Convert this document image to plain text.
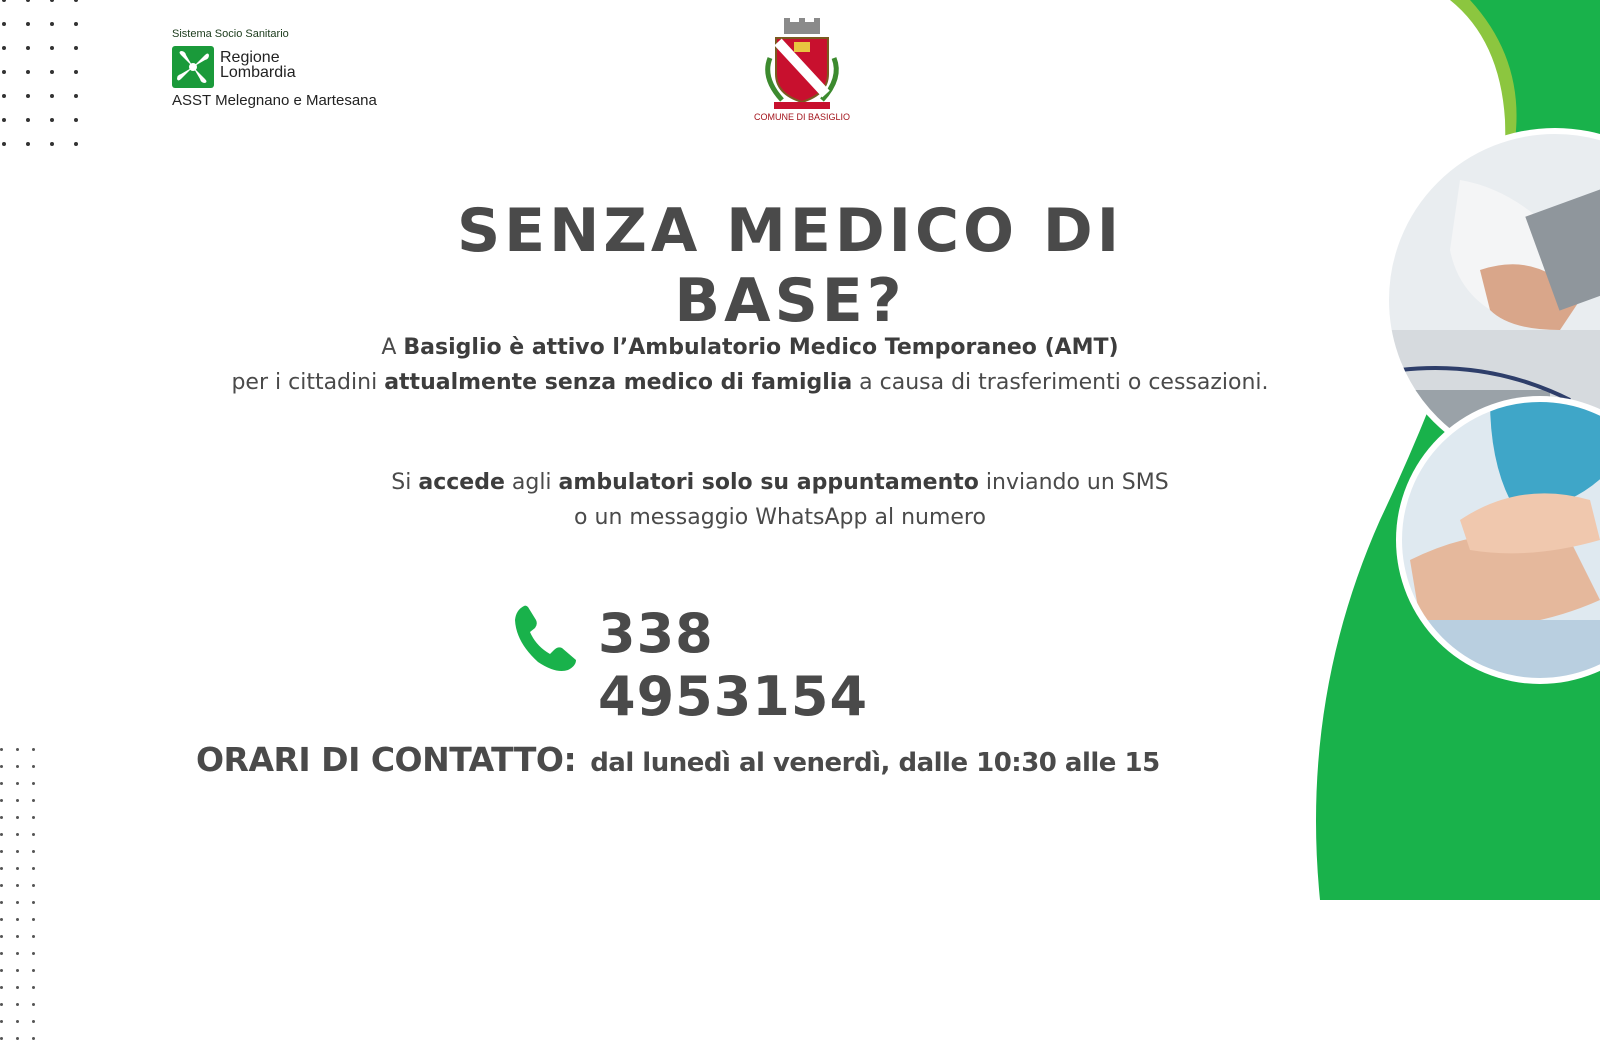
Sistema Socio Sanitario
Regione
Lombardia
ASST Melegnano e Martesana
COMUNE DI BASIGLIO
SENZA MEDICO DI BASE?
A Basiglio è attivo l’Ambulatorio Medico Temporaneo (AMT)
per i cittadini attualmente senza medico di famiglia a causa di trasferimenti o cessazioni.
Si accede agli ambulatori solo su appuntamento inviando un SMS
o un messaggio WhatsApp al numero
338 4953154
ORARI DI CONTATTO: dal lunedì al venerdì, dalle 10:30 alle 15
